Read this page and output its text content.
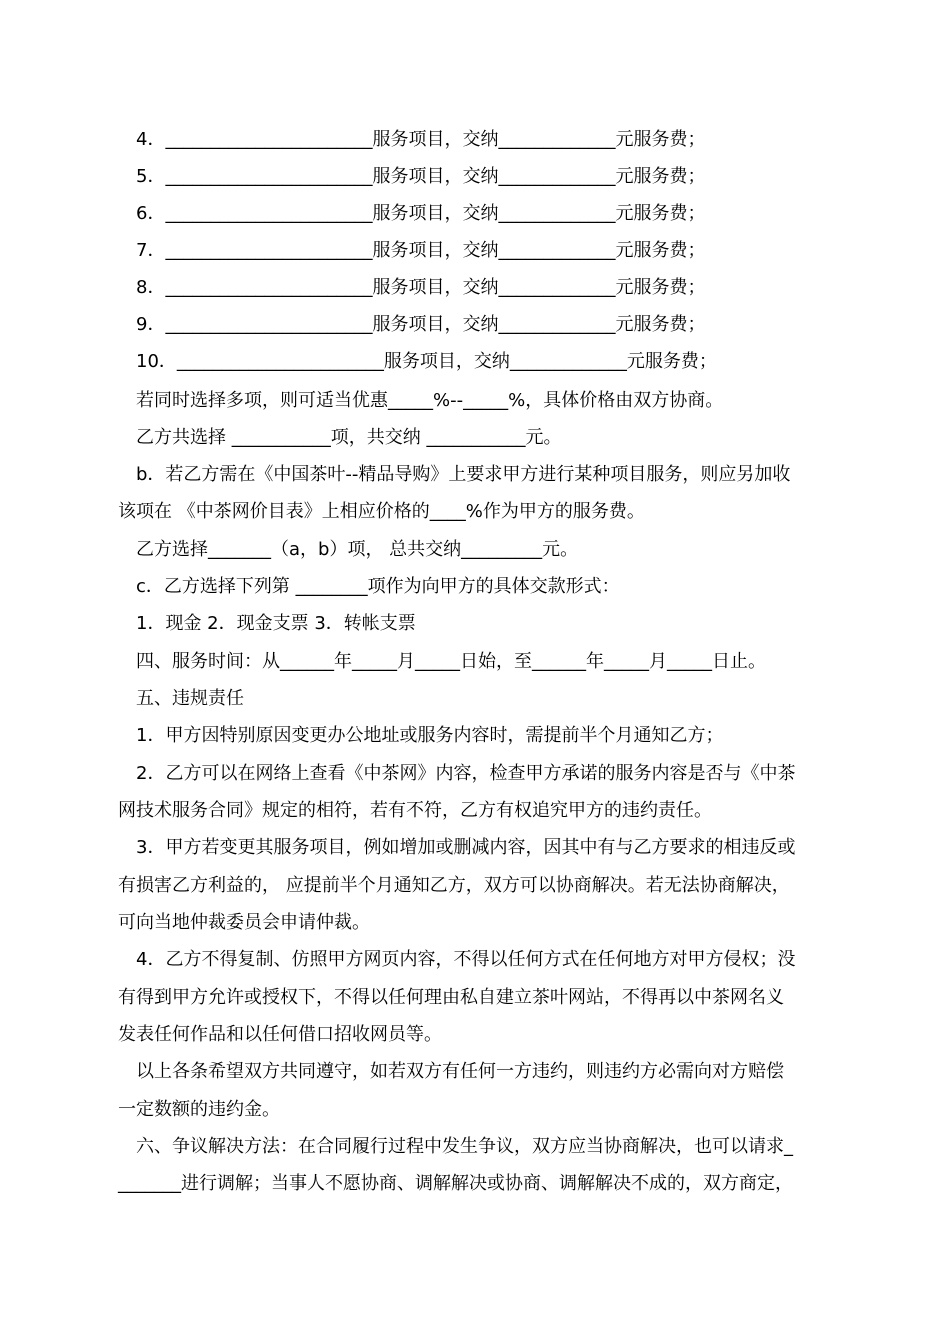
4．_______________________服务项目，交纳_____________元服务费；
5．_______________________服务项目，交纳_____________元服务费；
6．_______________________服务项目，交纳_____________元服务费；
7．_______________________服务项目，交纳_____________元服务费；
8．_______________________服务项目，交纳_____________元服务费；
9．_______________________服务项目，交纳_____________元服务费；
10．_______________________服务项目，交纳_____________元服务费；
若同时选择多项，则可适当优惠_____%--_____%，具体价格由双方协商。
乙方共选择 ___________项，共交纳 ___________元。
b．若乙方需在《中国茶叶--精品导购》上要求甲方进行某种项目服务，则应另加收
该项在 《中茶网价目表》上相应价格的____%作为甲方的服务费。
乙方选择_______（a，b）项， 总共交纳_________元。
c．乙方选择下列第 ________项作为向甲方的具体交款形式：
1．现金 2．现金支票 3．转帐支票
四、服务时间：从______年_____月_____日始，至______年_____月_____日止。
五、违规责任
1．甲方因特别原因变更办公地址或服务内容时，需提前半个月通知乙方；
2．乙方可以在网络上查看《中茶网》内容，检查甲方承诺的服务内容是否与《中茶
网技术服务合同》规定的相符，若有不符，乙方有权追究甲方的违约责任。
3．甲方若变更其服务项目，例如增加或删减内容，因其中有与乙方要求的相违反或
有损害乙方利益的， 应提前半个月通知乙方，双方可以协商解决。若无法协商解决，
可向当地仲裁委员会申请仲裁。
4．乙方不得复制、仿照甲方网页内容，不得以任何方式在任何地方对甲方侵权；没
有得到甲方允许或授权下，不得以任何理由私自建立茶叶网站，不得再以中茶网名义
发表任何作品和以任何借口招收网员等。
以上各条希望双方共同遵守，如若双方有任何一方违约，则违约方必需向对方赔偿
一定数额的违约金。
六、争议解决方法：在合同履行过程中发生争议，双方应当协商解决，也可以请求_
_______进行调解；当事人不愿协商、调解解决或协商、调解解决不成的，双方商定，
